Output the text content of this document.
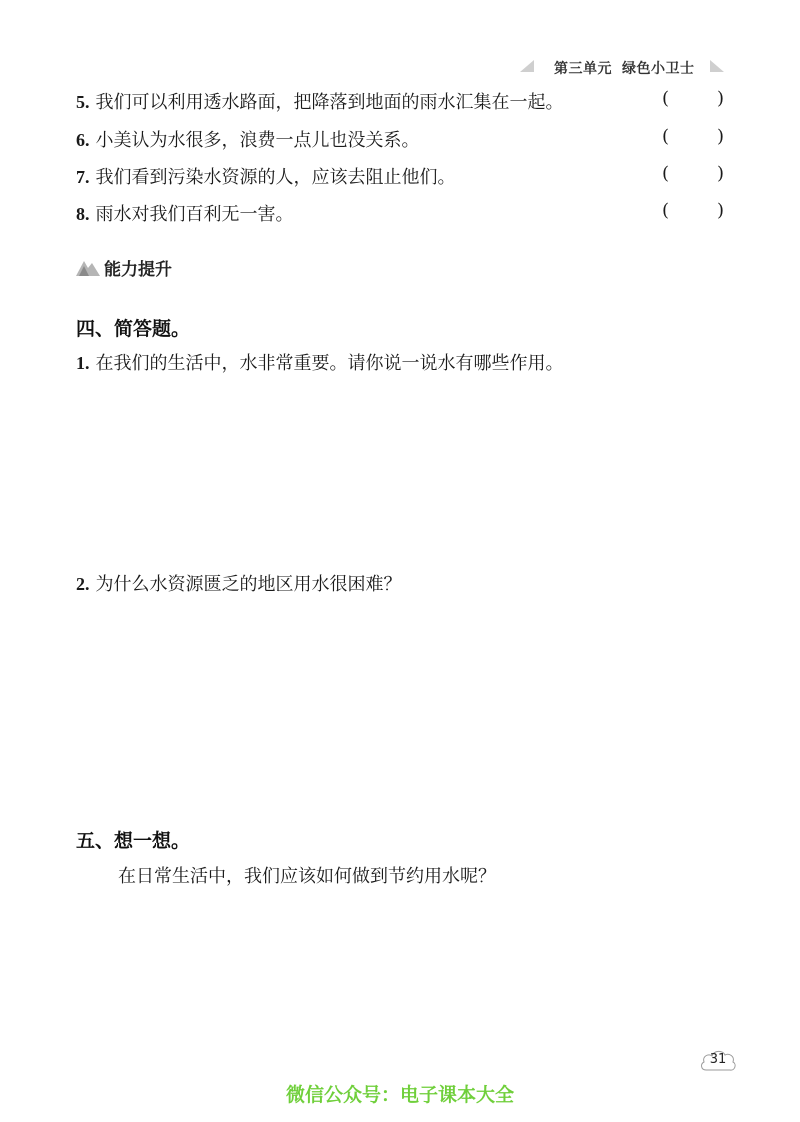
第三单元 绿色小卫士
5. 我们可以利用透水路面，把降落到地面的雨水汇集在一起。	(	)
6. 小美认为水很多，浪费一点儿也没关系。	(	)
7. 我们看到污染水资源的人，应该去阻止他们。	(	)
8. 雨水对我们百利无一害。	(	)
能力提升
四、简答题。
1. 在我们的生活中，水非常重要。请你说一说水有哪些作用。
2. 为什么水资源匮乏的地区用水很困难？
五、想一想。
在日常生活中，我们应该如何做到节约用水呢？
31
微信公众号：电子课本大全
